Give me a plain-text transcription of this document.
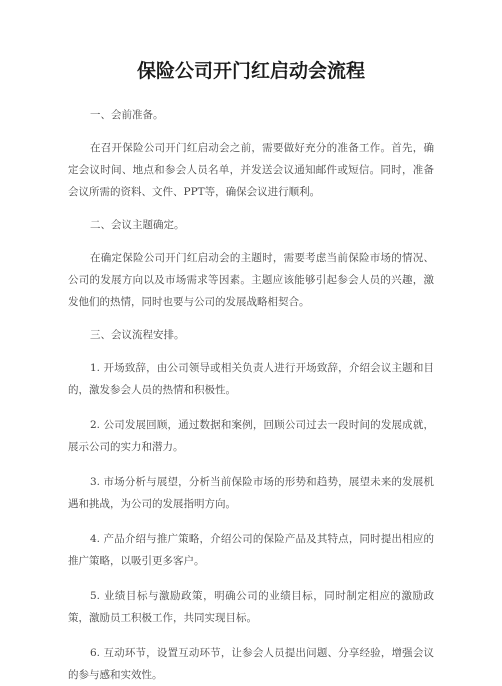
保险公司开门红启动会流程
一、会前准备。

在召开保险公司开门红启动会之前，需要做好充分的准备工作。首先，确定会议时间、地点和参会人员名单，并发送会议通知邮件或短信。同时，准备会议所需的资料、文件、PPT等，确保会议进行顺利。

二、会议主题确定。

在确定保险公司开门红启动会的主题时，需要考虑当前保险市场的情况、公司的发展方向以及市场需求等因素。主题应该能够引起参会人员的兴趣，激发他们的热情，同时也要与公司的发展战略相契合。

三、会议流程安排。

1. 开场致辞，由公司领导或相关负责人进行开场致辞，介绍会议主题和目的，激发参会人员的热情和积极性。

2. 公司发展回顾，通过数据和案例，回顾公司过去一段时间的发展成就，展示公司的实力和潜力。

3. 市场分析与展望，分析当前保险市场的形势和趋势，展望未来的发展机遇和挑战，为公司的发展指明方向。

4. 产品介绍与推广策略，介绍公司的保险产品及其特点，同时提出相应的推广策略，以吸引更多客户。

5. 业绩目标与激励政策，明确公司的业绩目标，同时制定相应的激励政策，激励员工积极工作，共同实现目标。

6. 互动环节，设置互动环节，让参会人员提出问题、分享经验，增强会议的参与感和实效性。
